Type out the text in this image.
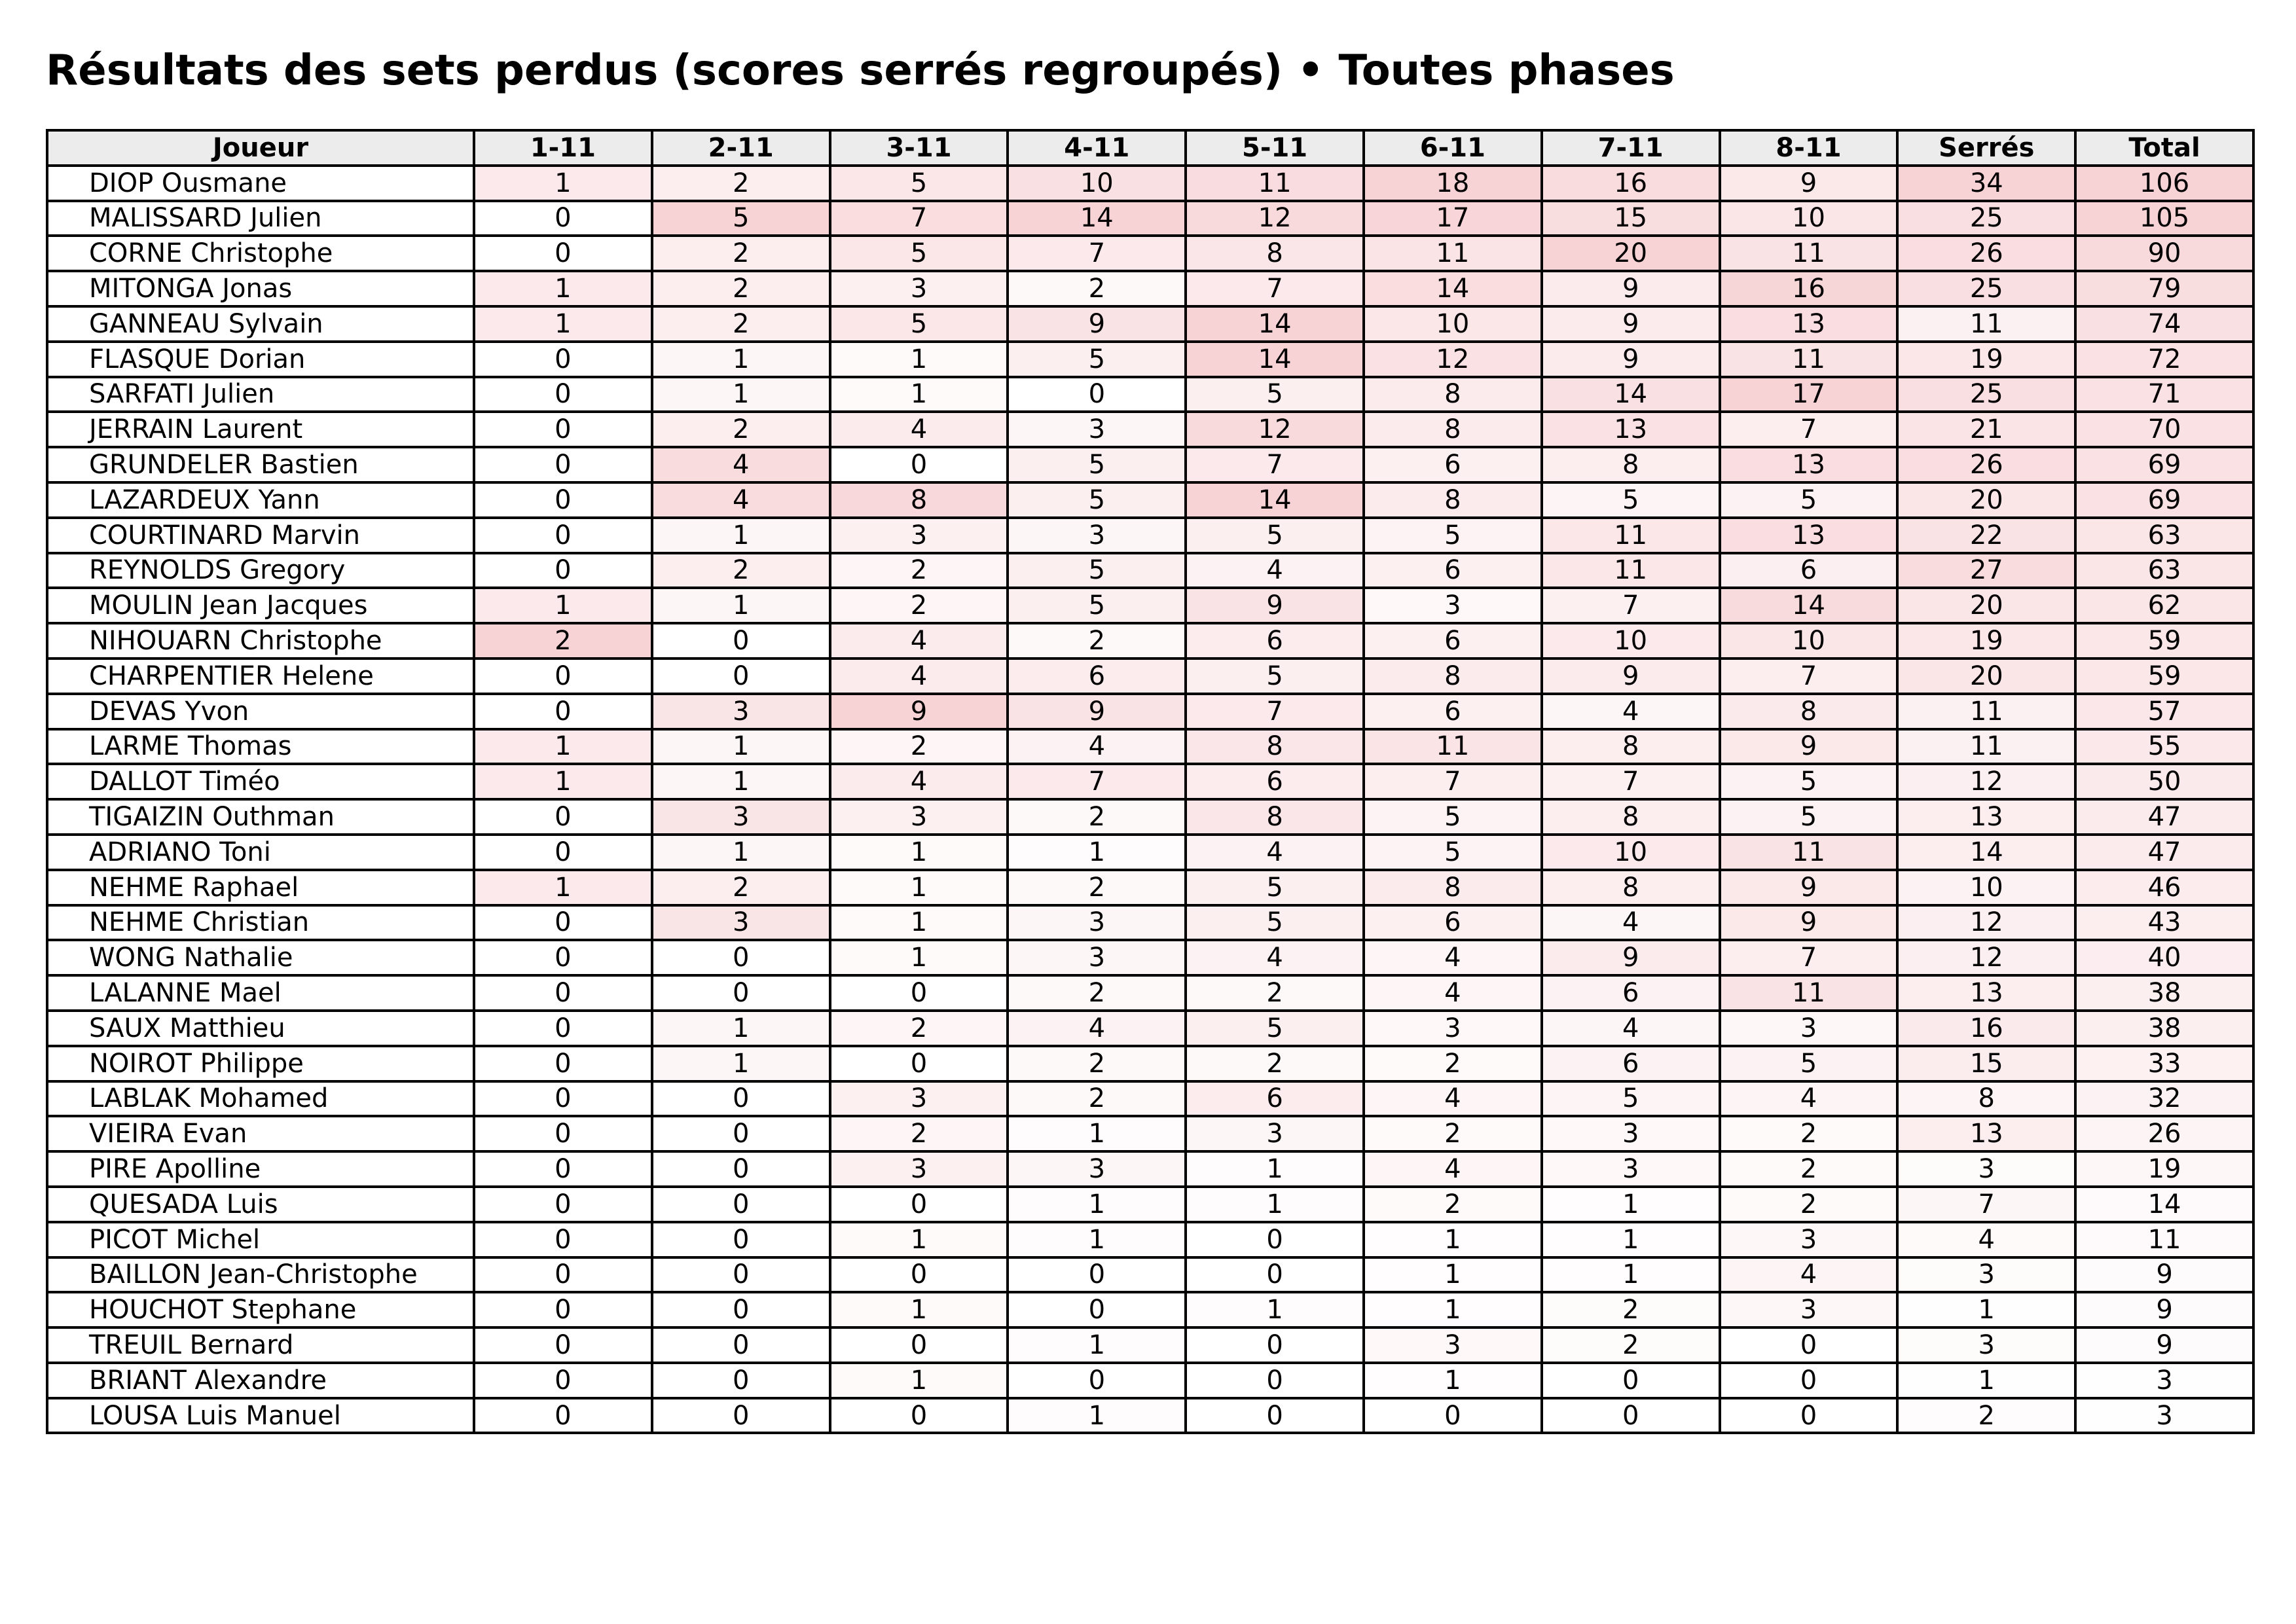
Résultats des sets perdus (scores serrés regroupés) • Toutes phases
Joueur	1-11	2-11	3-11	4-11	5-11	6-11	7-11	8-11	Serrés	Total
DIOP Ousmane	1	2	5	10	11	18	16	9	34	106
MALISSARD Julien	0	5	7	14	12	17	15	10	25	105
CORNE Christophe	0	2	5	7	8	11	20	11	26	90
MITONGA Jonas	1	2	3	2	7	14	9	16	25	79
GANNEAU Sylvain	1	2	5	9	14	10	9	13	11	74
FLASQUE Dorian	0	1	1	5	14	12	9	11	19	72
SARFATI Julien	0	1	1	0	5	8	14	17	25	71
JERRAIN Laurent	0	2	4	3	12	8	13	7	21	70
GRUNDELER Bastien	0	4	0	5	7	6	8	13	26	69
LAZARDEUX Yann	0	4	8	5	14	8	5	5	20	69
COURTINARD Marvin	0	1	3	3	5	5	11	13	22	63
REYNOLDS Gregory	0	2	2	5	4	6	11	6	27	63
MOULIN Jean Jacques	1	1	2	5	9	3	7	14	20	62
NIHOUARN Christophe	2	0	4	2	6	6	10	10	19	59
CHARPENTIER Helene	0	0	4	6	5	8	9	7	20	59
DEVAS Yvon	0	3	9	9	7	6	4	8	11	57
LARME Thomas	1	1	2	4	8	11	8	9	11	55
DALLOT Timéo	1	1	4	7	6	7	7	5	12	50
TIGAIZIN Outhman	0	3	3	2	8	5	8	5	13	47
ADRIANO Toni	0	1	1	1	4	5	10	11	14	47
NEHME Raphael	1	2	1	2	5	8	8	9	10	46
NEHME Christian	0	3	1	3	5	6	4	9	12	43
WONG Nathalie	0	0	1	3	4	4	9	7	12	40
LALANNE Mael	0	0	0	2	2	4	6	11	13	38
SAUX Matthieu	0	1	2	4	5	3	4	3	16	38
NOIROT Philippe	0	1	0	2	2	2	6	5	15	33
LABLAK Mohamed	0	0	3	2	6	4	5	4	8	32
VIEIRA Evan	0	0	2	1	3	2	3	2	13	26
PIRE Apolline	0	0	3	3	1	4	3	2	3	19
QUESADA Luis	0	0	0	1	1	2	1	2	7	14
PICOT Michel	0	0	1	1	0	1	1	3	4	11
BAILLON Jean-Christophe	0	0	0	0	0	1	1	4	3	9
HOUCHOT Stephane	0	0	1	0	1	1	2	3	1	9
TREUIL Bernard	0	0	0	1	0	3	2	0	3	9
BRIANT Alexandre	0	0	1	0	0	1	0	0	1	3
LOUSA Luis Manuel	0	0	0	1	0	0	0	0	2	3
